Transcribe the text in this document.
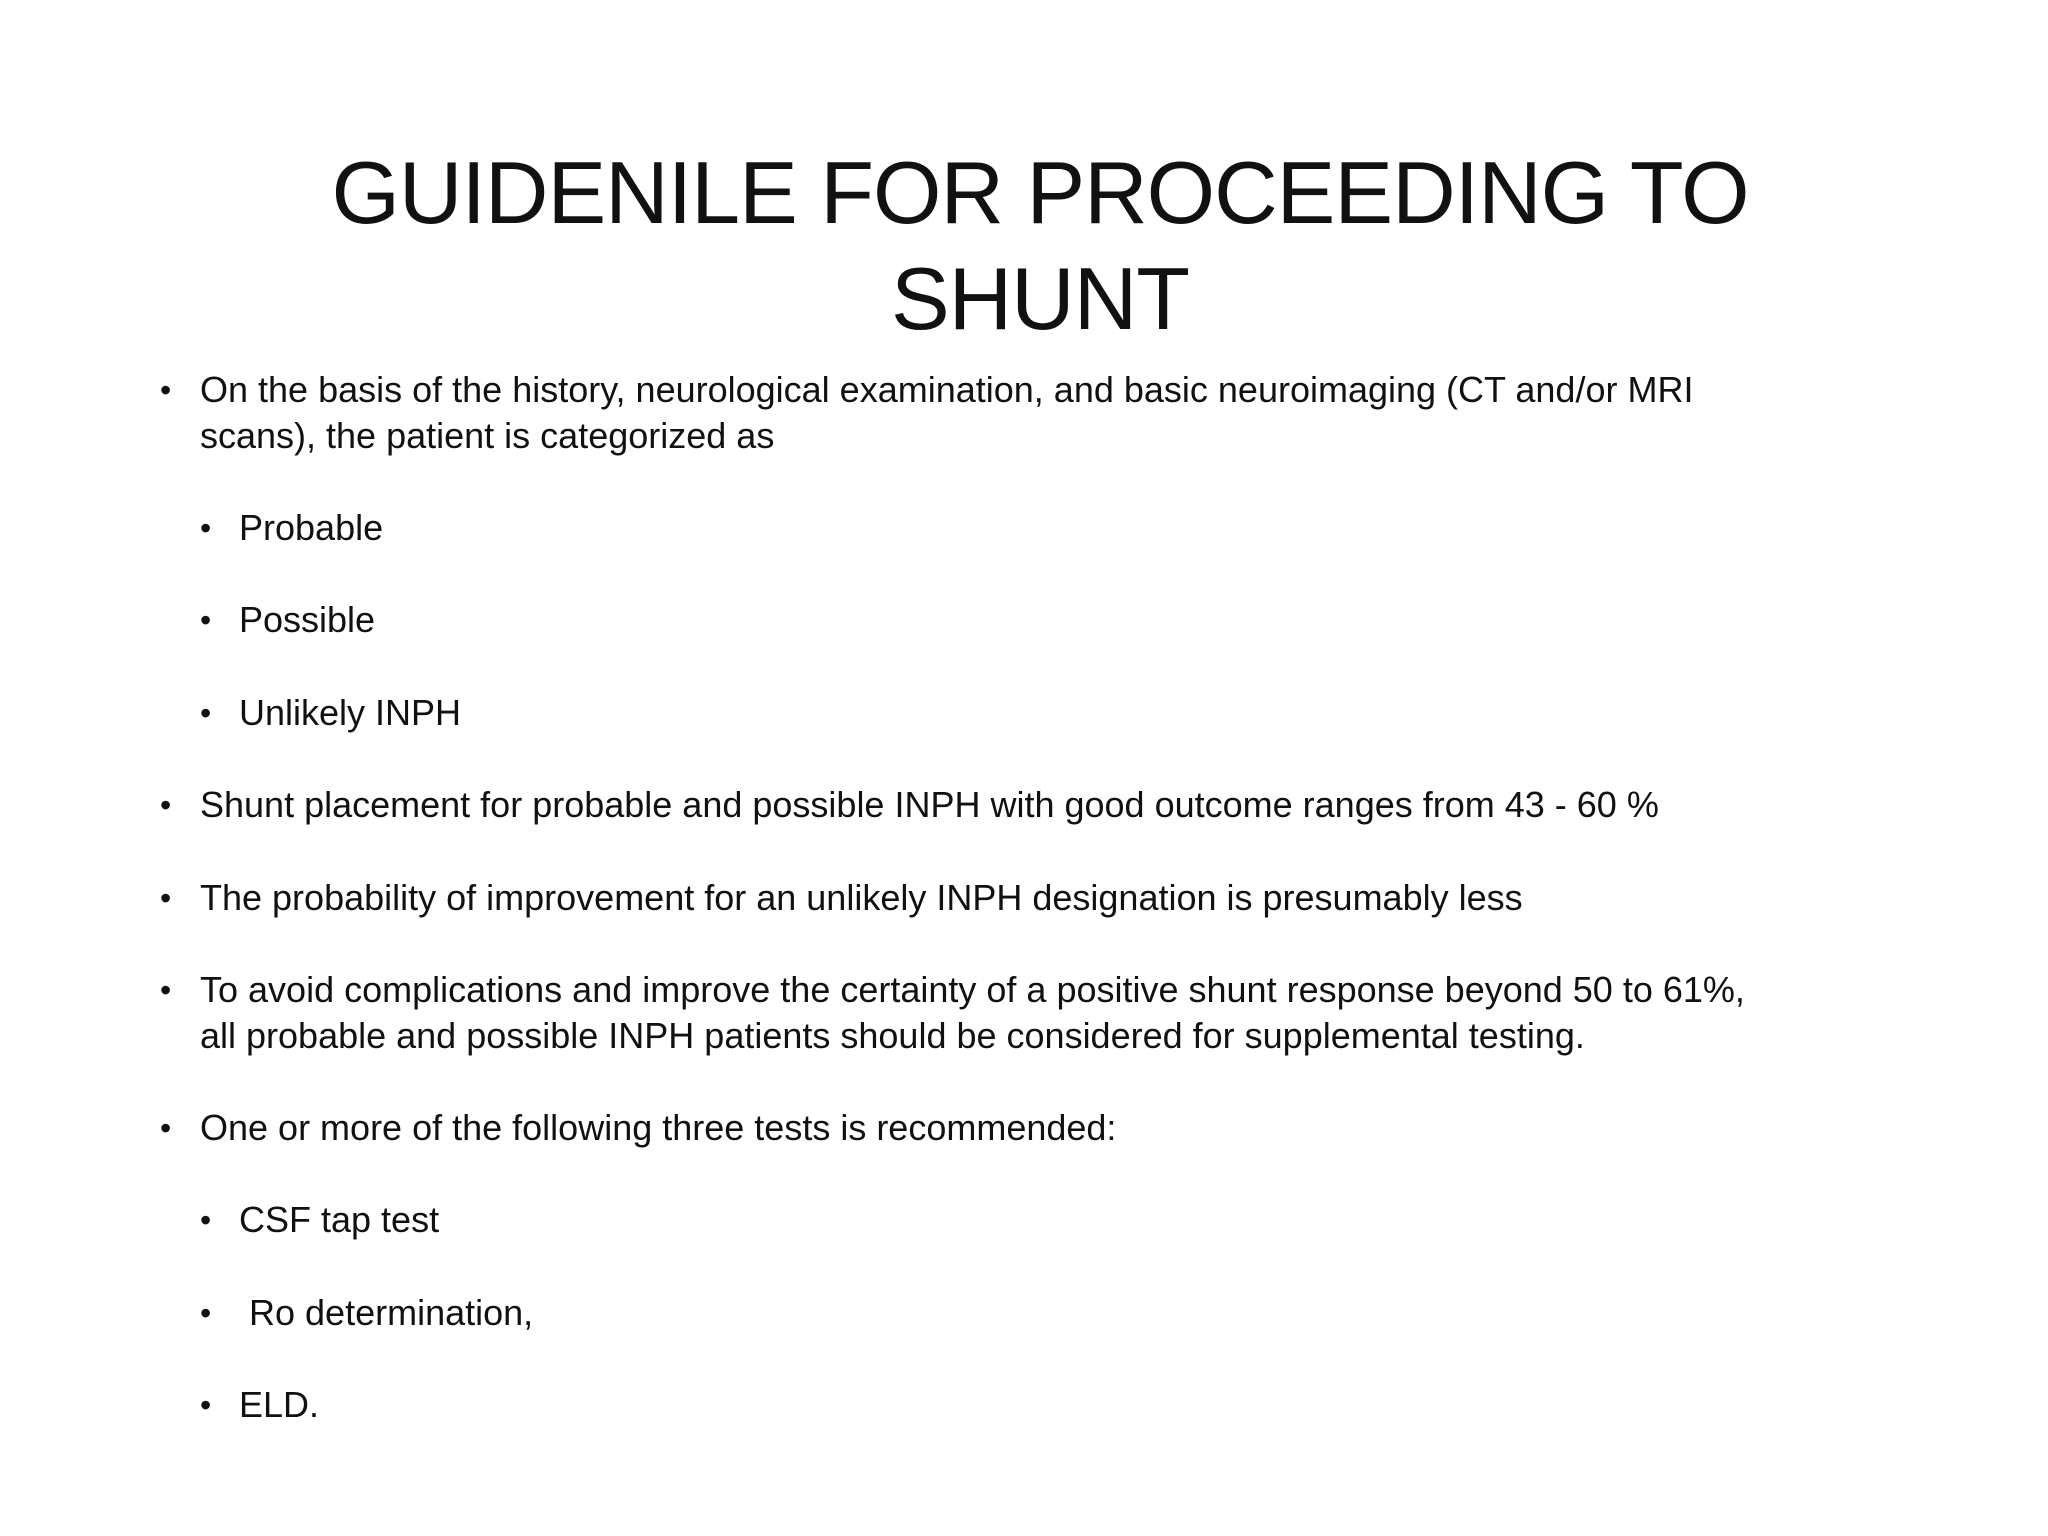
GUIDENILE FOR PROCEEDING TO
SHUNT
• On the basis of the history, neurological examination, and basic neuroimaging (CT and/or MRI
scans), the patient is categorized as
• Probable
• Possible
• Unlikely INPH
• Shunt placement for probable and possible INPH with good outcome ranges from 43 - 60 %
• The probability of improvement for an unlikely INPH designation is presumably less
• To avoid complications and improve the certainty of a positive shunt response beyond 50 to 61%,
all probable and possible INPH patients should be considered for supplemental testing.
• One or more of the following three tests is recommended:
• CSF tap test
• Ro determination,
• ELD.
